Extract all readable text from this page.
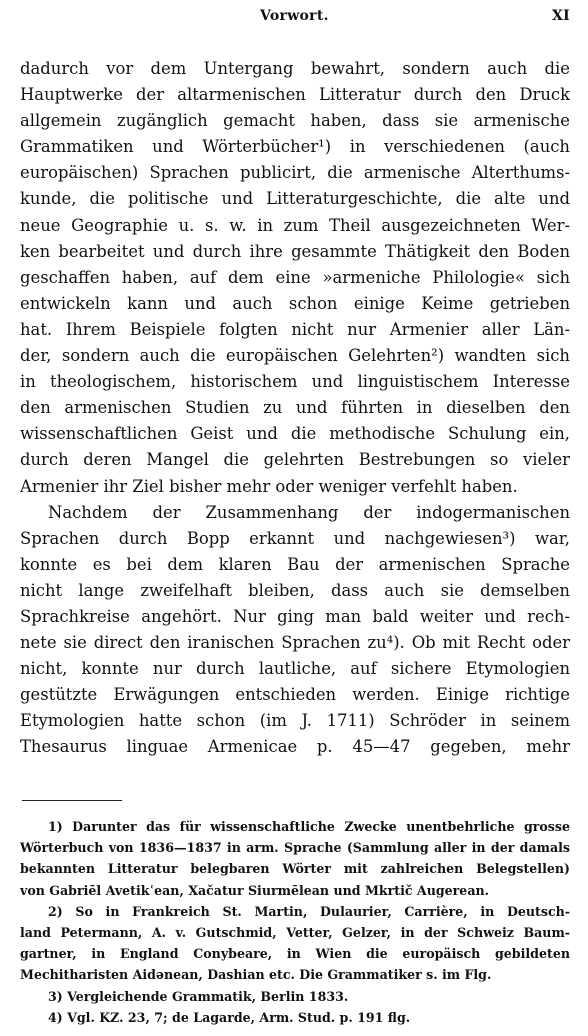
Vorwort.	XI
dadurch vor dem Untergang bewahrt, sondern auch die
Hauptwerke der altarmenischen Litteratur durch den Druck
allgemein zugänglich gemacht haben, dass sie armenische
Grammatiken und Wörterbücher¹) in verschiedenen (auch
europäischen) Sprachen publicirt, die armenische Alterthums-
kunde, die politische und Litteraturgeschichte, die alte und
neue Geographie u. s. w. in zum Theil ausgezeichneten Wer-
ken bearbeitet und durch ihre gesammte Thätigkeit den Boden
geschaffen haben, auf dem eine »armeniche Philologie« sich
entwickeln kann und auch schon einige Keime getrieben
hat. Ihrem Beispiele folgten nicht nur Armenier aller Län-
der, sondern auch die europäischen Gelehrten²) wandten sich
in theologischem, historischem und linguistischem Interesse
den armenischen Studien zu und führten in dieselben den
wissenschaftlichen Geist und die methodische Schulung ein,
durch deren Mangel die gelehrten Bestrebungen so vieler
Armenier ihr Ziel bisher mehr oder weniger verfehlt haben.
Nachdem der Zusammenhang der indogermanischen
Sprachen durch Bopp erkannt und nachgewiesen³) war,
konnte es bei dem klaren Bau der armenischen Sprache
nicht lange zweifelhaft bleiben, dass auch sie demselben
Sprachkreise angehört. Nur ging man bald weiter und rech-
nete sie direct den iranischen Sprachen zu⁴). Ob mit Recht oder
nicht, konnte nur durch lautliche, auf sichere Etymologien
gestützte Erwägungen entschieden werden. Einige richtige
Etymologien hatte schon (im J. 1711) Schröder in seinem
Thesaurus linguae Armenicae p. 45—47 gegeben, mehr
1) Darunter das für wissenschaftliche Zwecke unentbehrliche grosse
Wörterbuch von 1836—1837 in arm. Sprache (Sammlung aller in der damals
bekannten Litteratur belegbaren Wörter mit zahlreichen Belegstellen)
von Gabriēl Avetikʿean, Xačatur Siurmēlean und Mkrtič Augerean.
2) So in Frankreich St. Martin, Dulaurier, Carrière, in Deutsch-
land Petermann, A. v. Gutschmid, Vetter, Gelzer, in der Schweiz Baum-
gartner, in England Conybeare, in Wien die europäisch gebildeten
Mechitharisten Aidənean, Dashian etc. Die Grammatiker s. im Flg.
3) Vergleichende Grammatik, Berlin 1833.
4) Vgl. KZ. 23, 7; de Lagarde, Arm. Stud. p. 191 flg.
